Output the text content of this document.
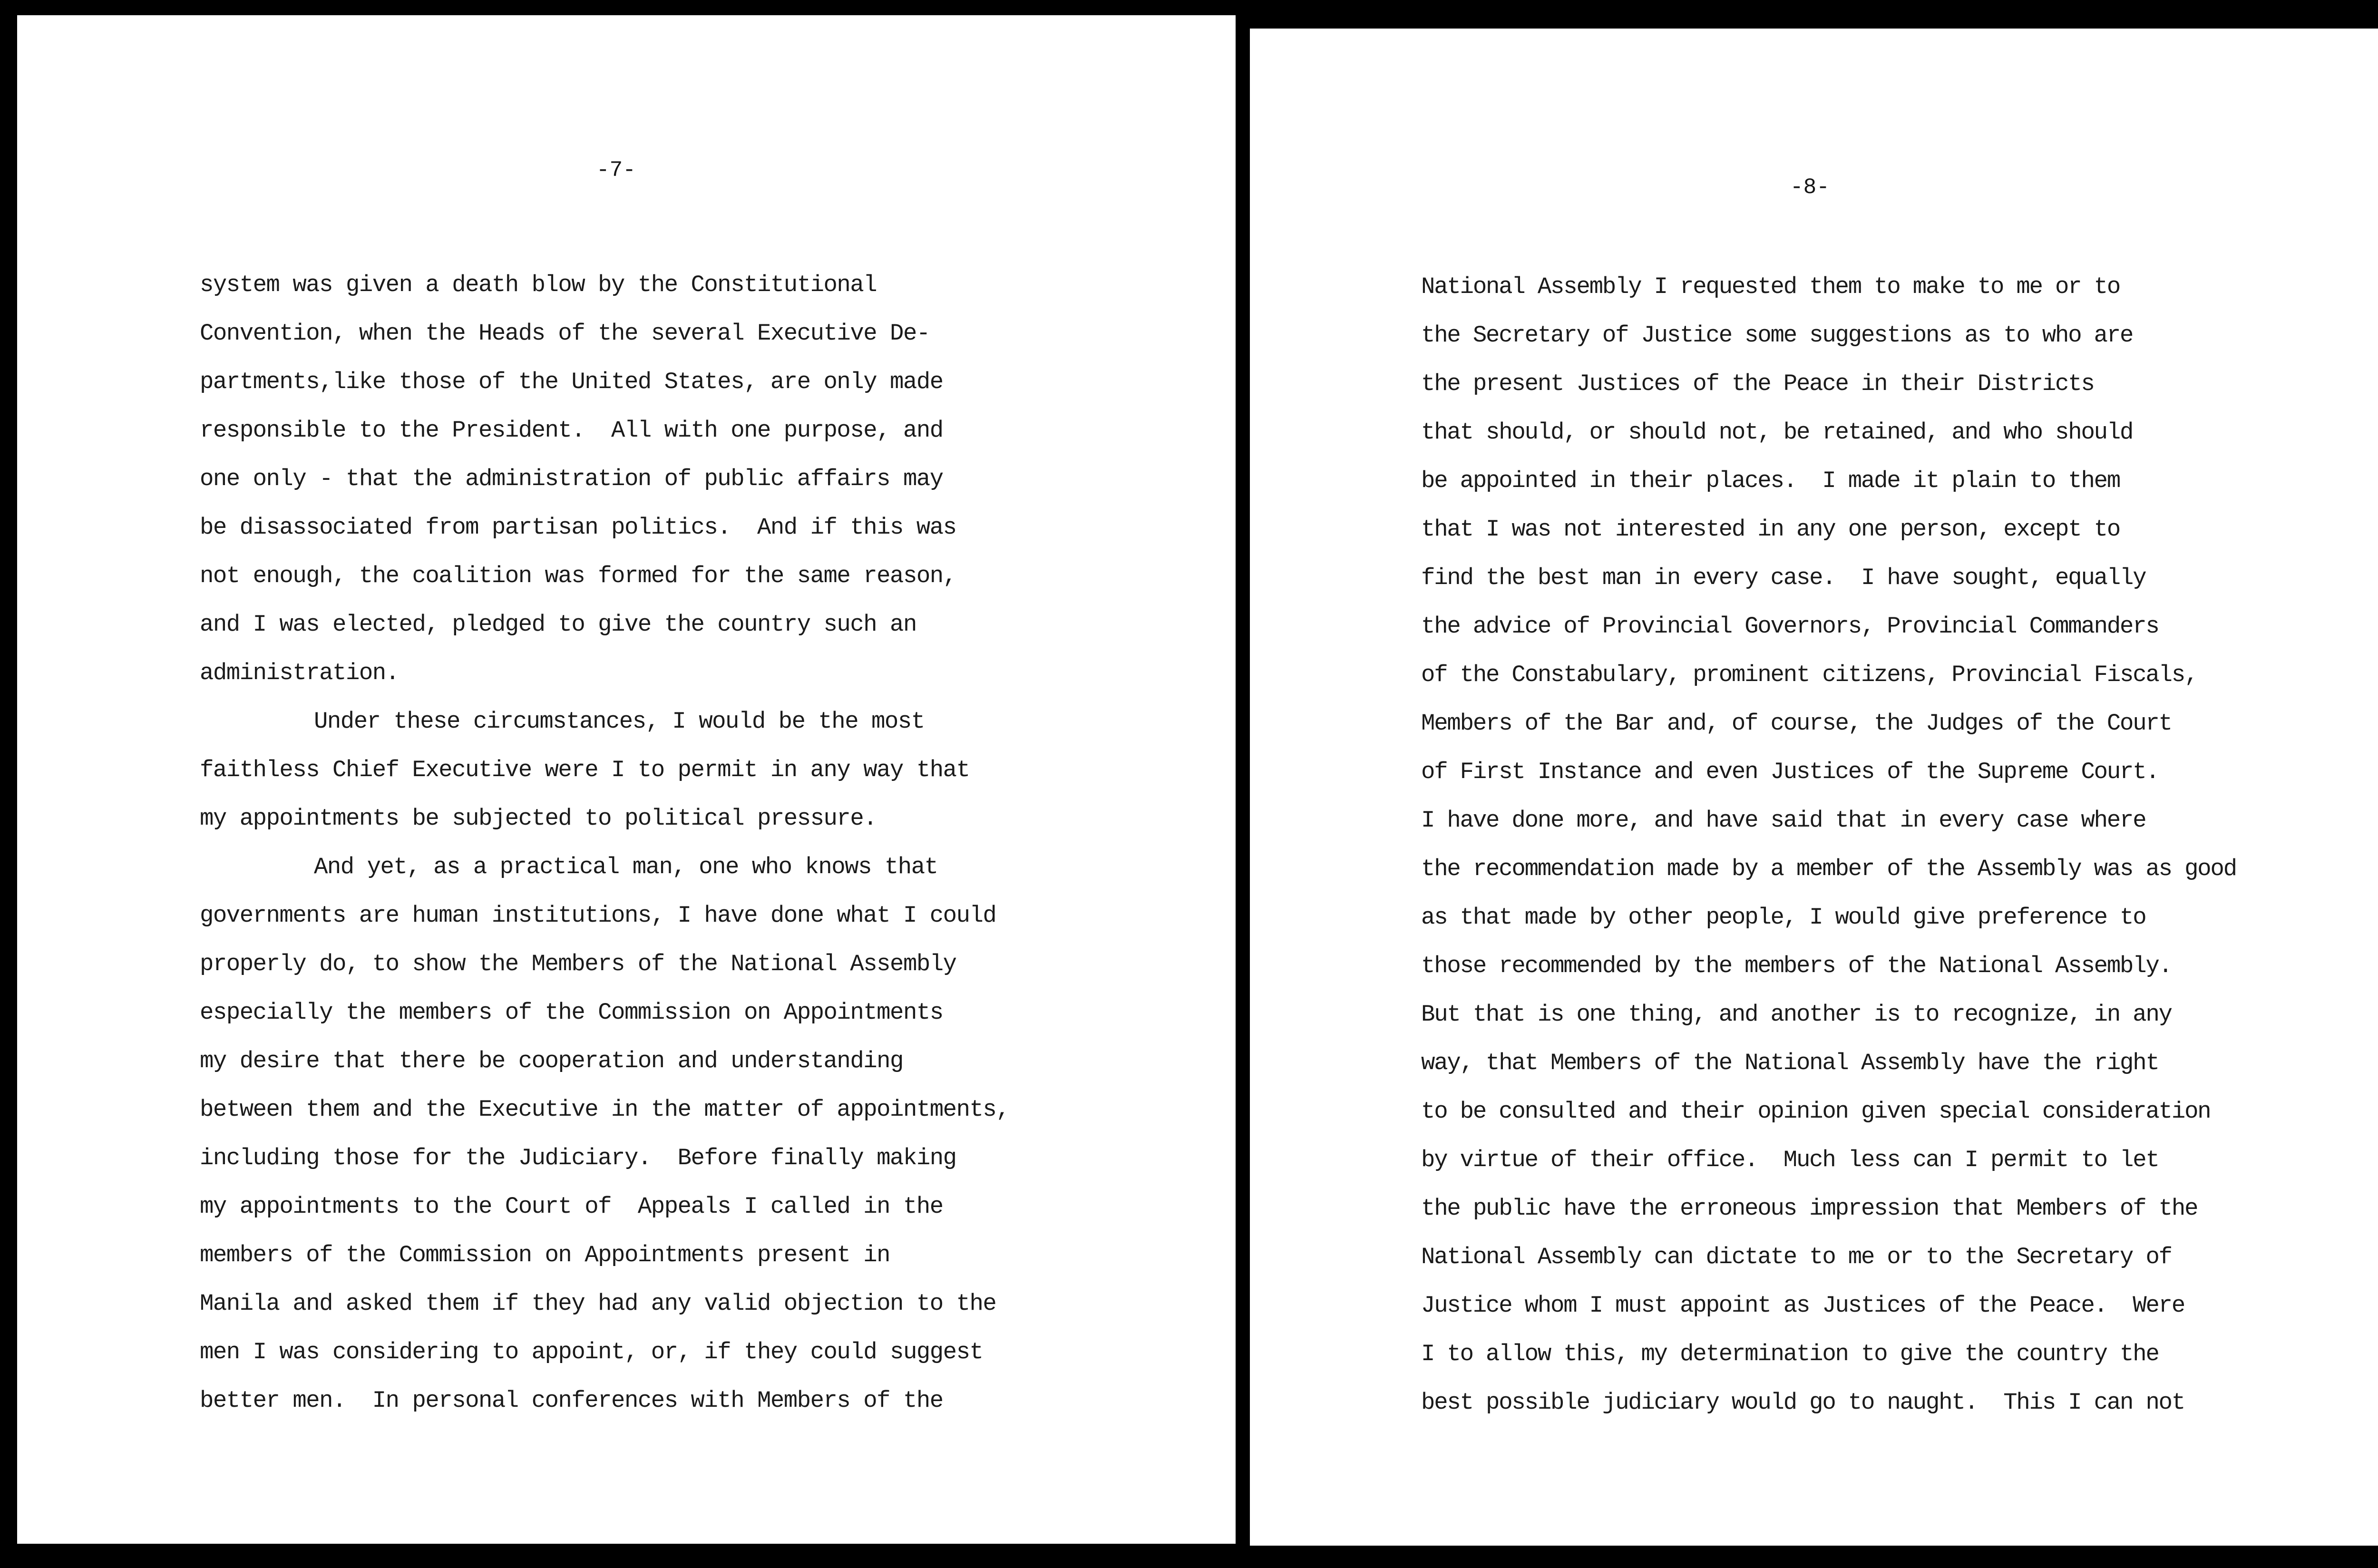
-7-
system was given a death blow by the Constitutional
Convention, when the Heads of the several Executive De-
partments,like those of the United States, are only made
responsible to the President.  All with one purpose, and
one only - that the administration of public affairs may
be disassociated from partisan politics.  And if this was
not enough, the coalition was formed for the same reason,
and I was elected, pledged to give the country such an
administration.
Under these circumstances, I would be the most
faithless Chief Executive were I to permit in any way that
my appointments be subjected to political pressure.
And yet, as a practical man, one who knows that
governments are human institutions, I have done what I could
properly do, to show the Members of the National Assembly
especially the members of the Commission on Appointments
my desire that there be cooperation and understanding
between them and the Executive in the matter of appointments,
including those for the Judiciary.  Before finally making
my appointments to the Court of  Appeals I called in the
members of the Commission on Appointments present in
Manila and asked them if they had any valid objection to the
men I was considering to appoint, or, if they could suggest
better men.  In personal conferences with Members of the
-8-
National Assembly I requested them to make to me or to
the Secretary of Justice some suggestions as to who are
the present Justices of the Peace in their Districts
that should, or should not, be retained, and who should
be appointed in their places.  I made it plain to them
that I was not interested in any one person, except to
find the best man in every case.  I have sought, equally
the advice of Provincial Governors, Provincial Commanders
of the Constabulary, prominent citizens, Provincial Fiscals,
Members of the Bar and, of course, the Judges of the Court
of First Instance and even Justices of the Supreme Court.
I have done more, and have said that in every case where
the recommendation made by a member of the Assembly was as good
as that made by other people, I would give preference to
those recommended by the members of the National Assembly.
But that is one thing, and another is to recognize, in any
way, that Members of the National Assembly have the right
to be consulted and their opinion given special consideration
by virtue of their office.  Much less can I permit to let
the public have the erroneous impression that Members of the
National Assembly can dictate to me or to the Secretary of
Justice whom I must appoint as Justices of the Peace.  Were
I to allow this, my determination to give the country the
best possible judiciary would go to naught.  This I can not
